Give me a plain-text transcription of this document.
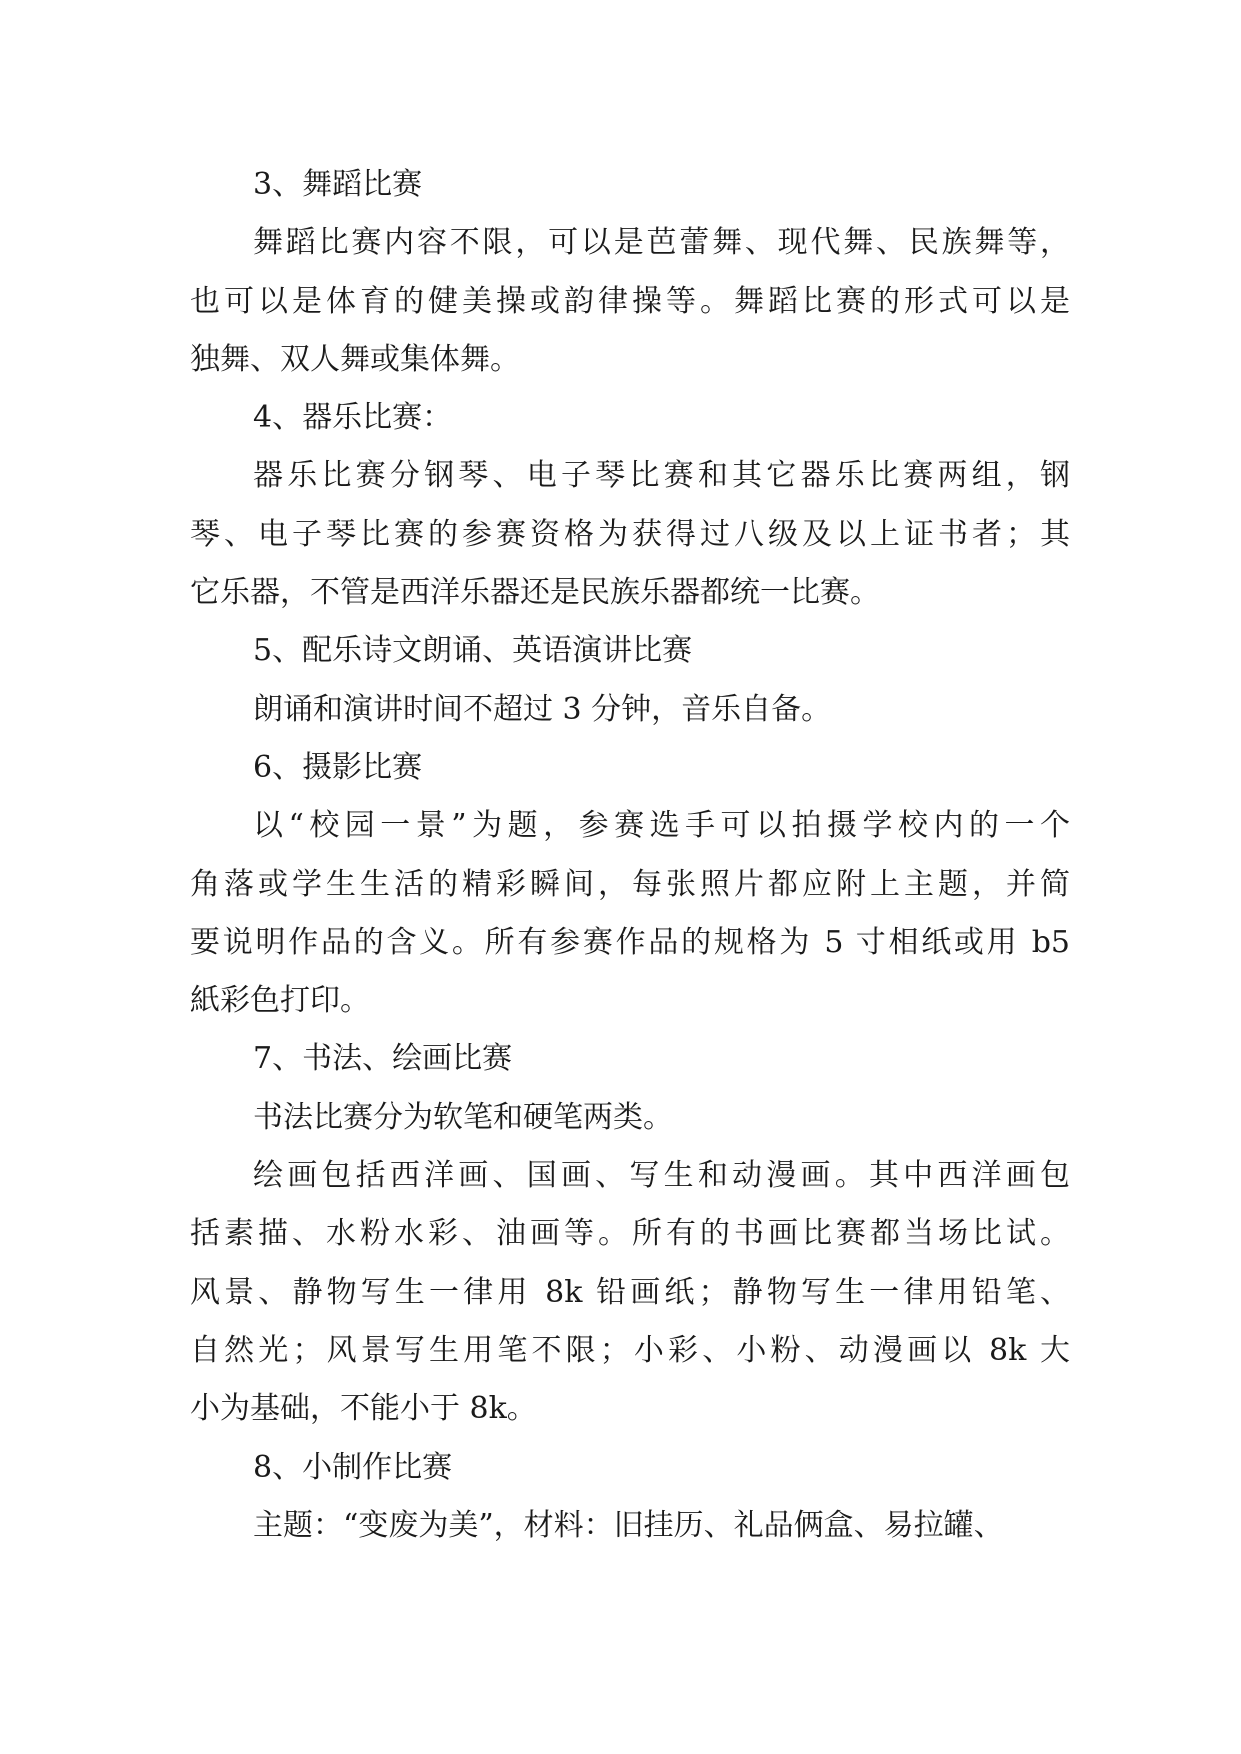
3、舞蹈比赛
舞蹈比赛内容不限，可以是芭蕾舞、现代舞、民族舞等，
也可以是体育的健美操或韵律操等。舞蹈比赛的形式可以是
独舞、双人舞或集体舞。
4、器乐比赛：
器乐比赛分钢琴、电子琴比赛和其它器乐比赛两组，钢
琴、电子琴比赛的参赛资格为获得过八级及以上证书者；其
它乐器，不管是西洋乐器还是民族乐器都统一比赛。
5、配乐诗文朗诵、英语演讲比赛
朗诵和演讲时间不超过 3 分钟，音乐自备。
6、摄影比赛
以“校园一景”为题，参赛选手可以拍摄学校内的一个
角落或学生生活的精彩瞬间，每张照片都应附上主题，并简
要说明作品的含义。所有参赛作品的规格为 5 寸相纸或用 b5
紙彩色打印。
7、书法、绘画比赛
书法比赛分为软笔和硬笔两类。
绘画包括西洋画、国画、写生和动漫画。其中西洋画包
括素描、水粉水彩、油画等。所有的书画比赛都当场比试。
风景、静物写生一律用 8k 铅画纸；静物写生一律用铅笔、
自然光；风景写生用笔不限；小彩、小粉、动漫画以 8k 大
小为基础，不能小于 8k。
8、小制作比赛
主题：“变废为美”，材料：旧挂历、礼品俩盒、易拉罐、
